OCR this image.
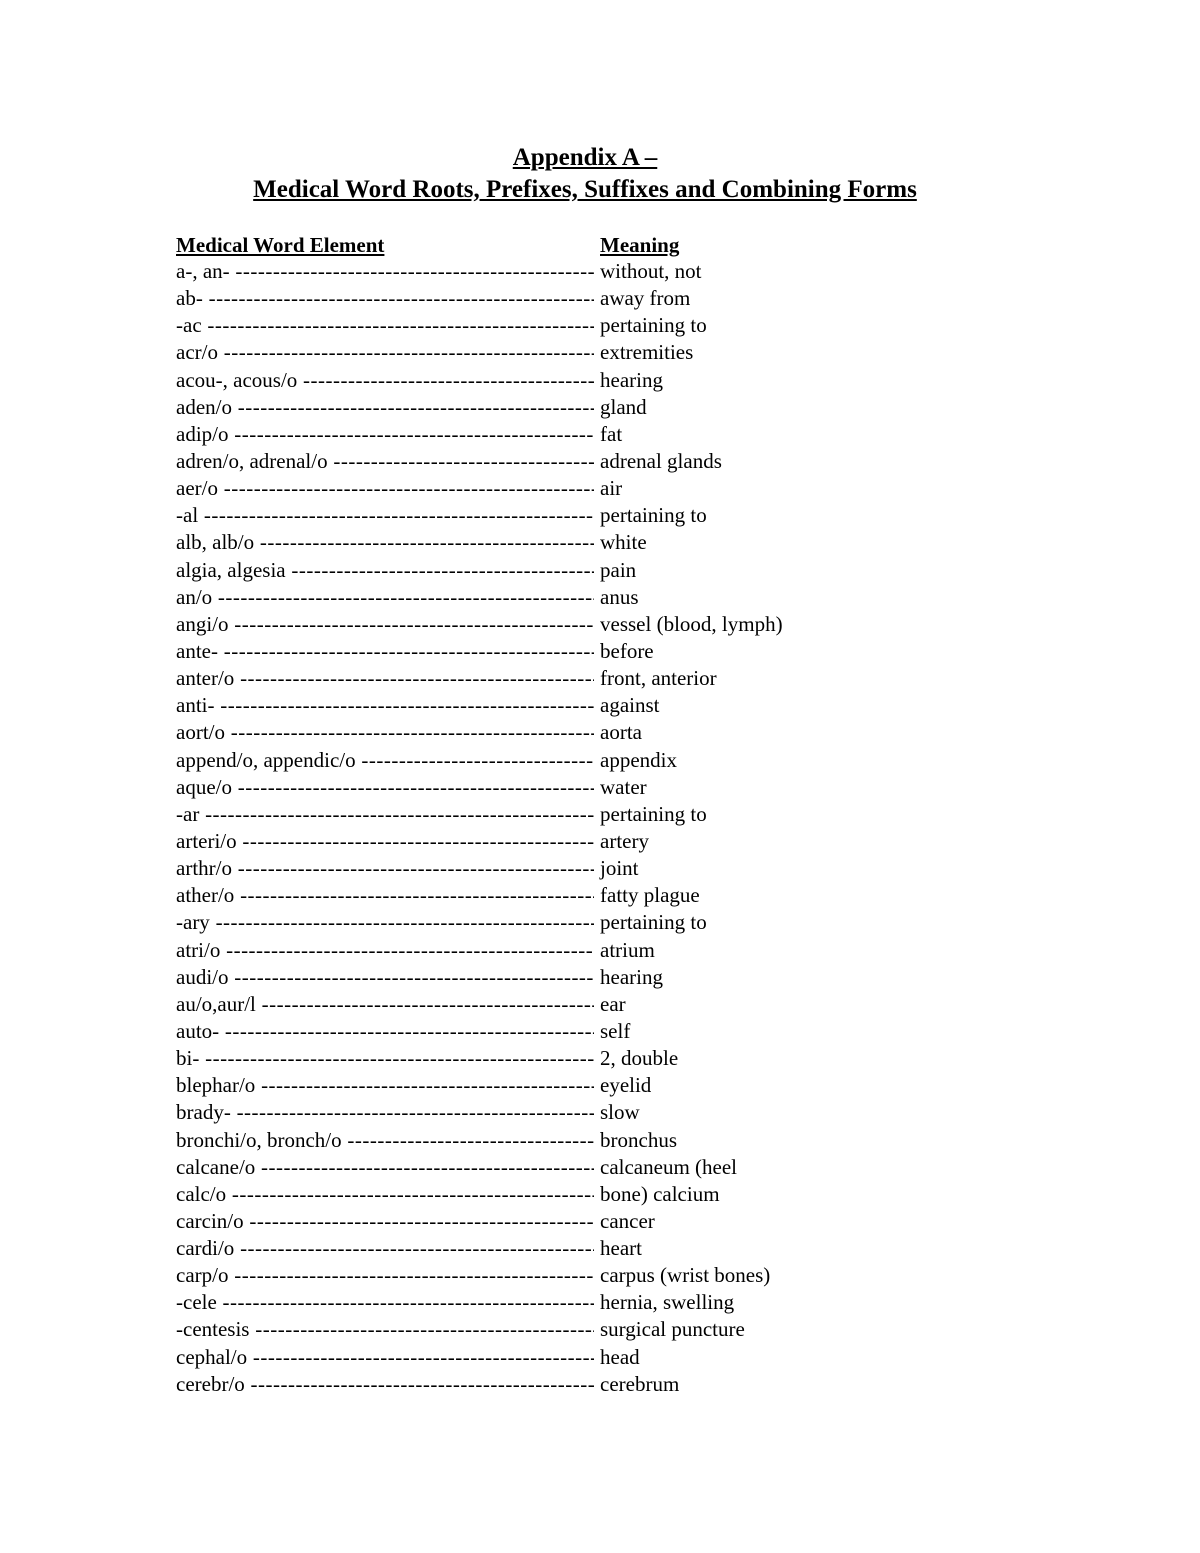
Appendix A –
Medical Word Roots, Prefixes, Suffixes and Combining Forms
Medical Word Element	Meaning
a-, an- -----	without, not
ab- -----	away from
-ac -----	pertaining to
acr/o -----	extremities
acou-, acous/o -----	hearing
aden/o -----	gland
adip/o -----	fat
adren/o, adrenal/o -----	adrenal glands
aer/o -----	air
-al -----	pertaining to
alb, alb/o -----	white
algia, algesia -----	pain
an/o -----	anus
angi/o -----	vessel (blood, lymph)
ante- -----	before
anter/o -----	front, anterior
anti- -----	against
aort/o -----	aorta
append/o, appendic/o -----	appendix
aque/o -----	water
-ar -----	pertaining to
arteri/o -----	artery
arthr/o -----	joint
ather/o -----	fatty plague
-ary -----	pertaining to
atri/o -----	atrium
audi/o -----	hearing
au/o,aur/l -----	ear
auto- -----	self
bi- -----	2, double
blephar/o -----	eyelid
brady- -----	slow
bronchi/o, bronch/o -----	bronchus
calcane/o -----	calcaneum (heel
calc/o -----	bone) calcium
carcin/o -----	cancer
cardi/o -----	heart
carp/o -----	carpus (wrist bones)
-cele -----	hernia, swelling
-centesis -----	surgical puncture
cephal/o -----	head
cerebr/o -----	cerebrum
